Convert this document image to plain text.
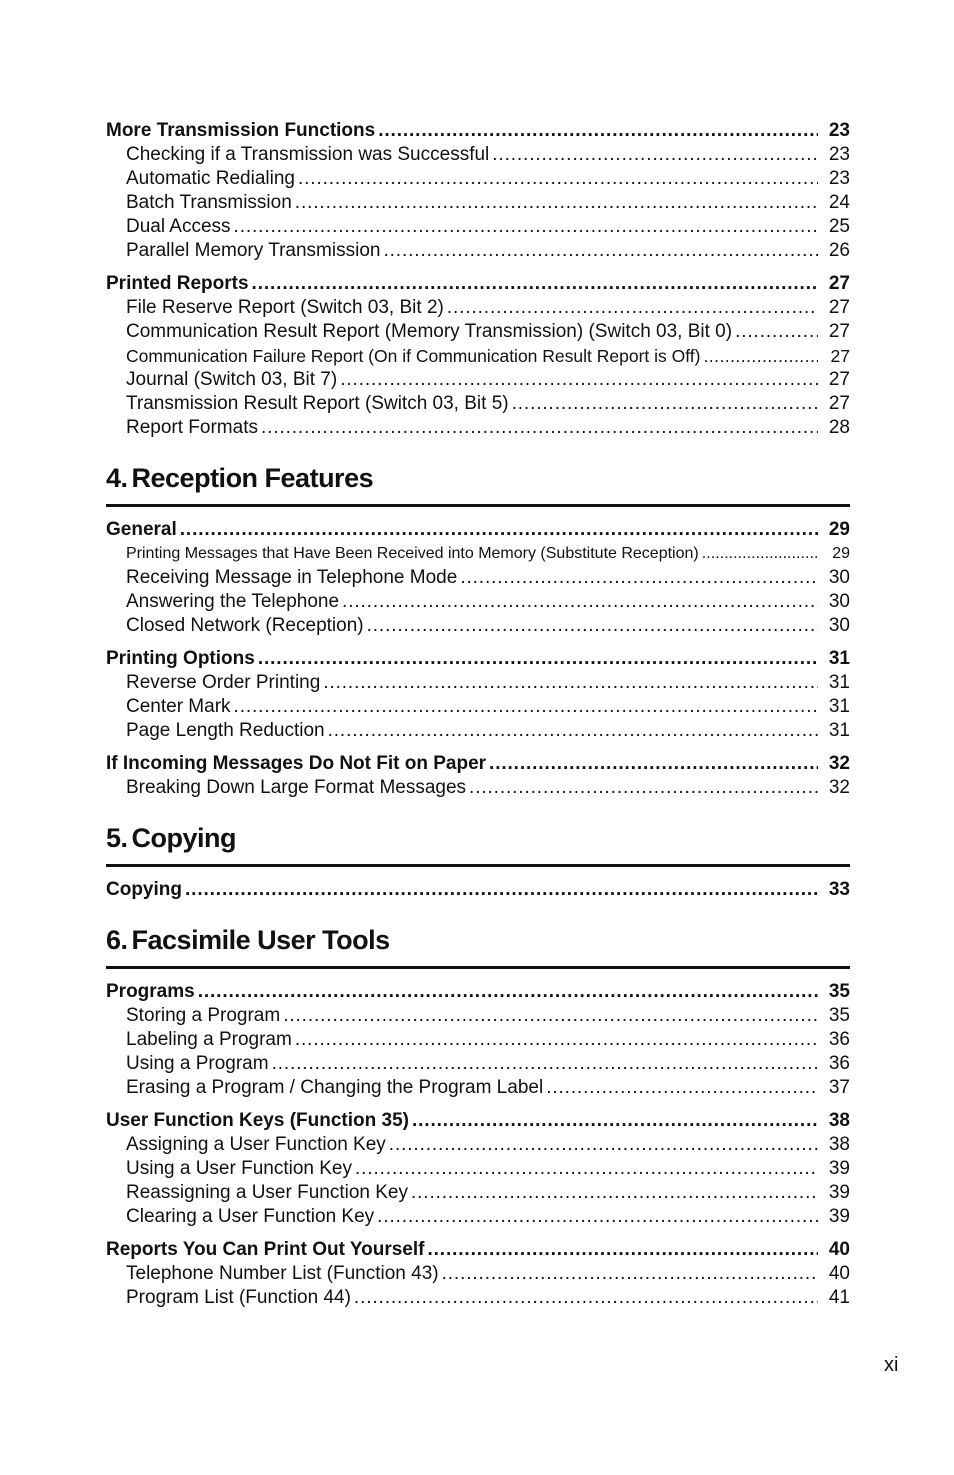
More Transmission Functions . . .	23
Checking if a Transmission was Successful . . .	23
Automatic Redialing . . .	23
Batch Transmission . . .	24
Dual Access . . .	25
Parallel Memory Transmission . . .	26
Printed Reports . . .	27
File Reserve Report (Switch 03, Bit 2) . . .	27
Communication Result Report (Memory Transmission) (Switch 03, Bit 0) . . .	27
Communication Failure Report (On if Communication Result Report is Off) . . .	27
Journal (Switch 03, Bit 7) . . .	27
Transmission Result Report (Switch 03, Bit 5) . . .	27
Report Formats . . .	28
4. Reception Features
General . . .	29
Printing Messages that Have Been Received into Memory (Substitute Reception) . . .	29
Receiving Message in Telephone Mode . . .	30
Answering the Telephone . . .	30
Closed Network (Reception) . . .	30
Printing Options . . .	31
Reverse Order Printing . . .	31
Center Mark . . .	31
Page Length Reduction . . .	31
If Incoming Messages Do Not Fit on Paper . . .	32
Breaking Down Large Format Messages . . .	32
5. Copying
Copying . . .	33
6. Facsimile User Tools
Programs . . .	35
Storing a Program . . .	35
Labeling a Program . . .	36
Using a Program . . .	36
Erasing a Program / Changing the Program Label . . .	37
User Function Keys (Function 35) . . .	38
Assigning a User Function Key . . .	38
Using a User Function Key . . .	39
Reassigning a User Function Key . . .	39
Clearing a User Function Key . . .	39
Reports You Can Print Out Yourself . . .	40
Telephone Number List (Function 43) . . .	40
Program List (Function 44) . . .	41
xi
